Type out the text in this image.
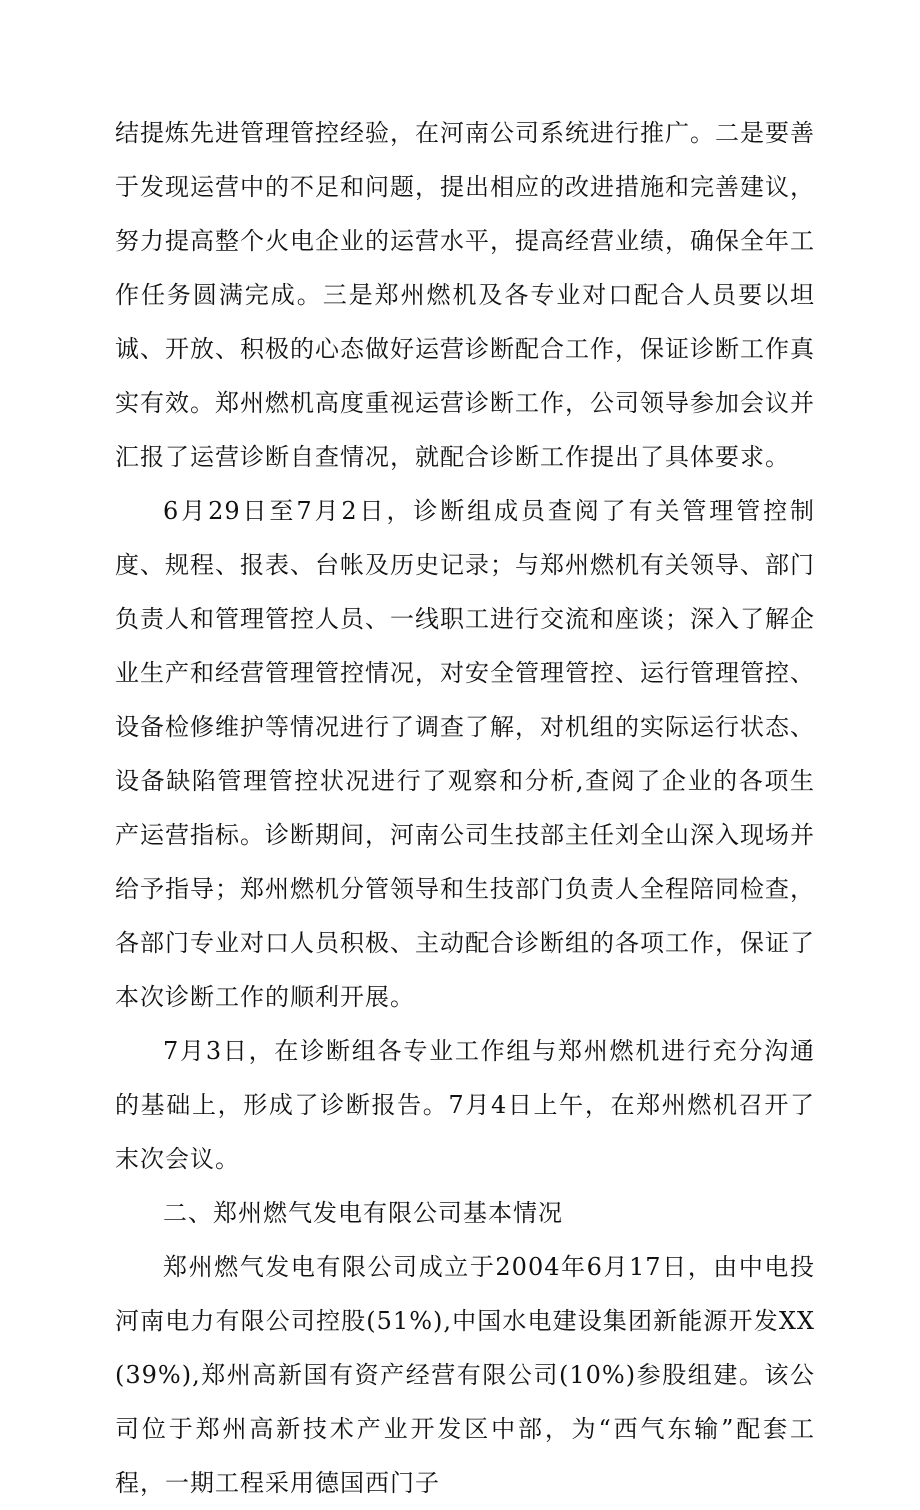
结提炼先进管理管控经验，在河南公司系统进行推广。二是要善于发现运营中的不足和问题，提出相应的改进措施和完善建议，努力提高整个火电企业的运营水平，提高经营业绩，确保全年工作任务圆满完成。三是郑州燃机及各专业对口配合人员要以坦诚、开放、积极的心态做好运营诊断配合工作，保证诊断工作真实有效。郑州燃机高度重视运营诊断工作，公司领导参加会议并汇报了运营诊断自查情况，就配合诊断工作提出了具体要求。

6月29日至7月2日，诊断组成员查阅了有关管理管控制度、规程、报表、台帐及历史记录；与郑州燃机有关领导、部门负责人和管理管控人员、一线职工进行交流和座谈；深入了解企业生产和经营管理管控情况，对安全管理管控、运行管理管控、设备检修维护等情况进行了调查了解，对机组的实际运行状态、设备缺陷管理管控状况进行了观察和分析,查阅了企业的各项生产运营指标。诊断期间，河南公司生技部主任刘全山深入现场并给予指导；郑州燃机分管领导和生技部门负责人全程陪同检查，各部门专业对口人员积极、主动配合诊断组的各项工作，保证了本次诊断工作的顺利开展。

7月3日，在诊断组各专业工作组与郑州燃机进行充分沟通的基础上，形成了诊断报告。7月4日上午，在郑州燃机召开了末次会议。

二、郑州燃气发电有限公司基本情况

郑州燃气发电有限公司成立于2004年6月17日，由中电投河南电力有限公司控股(51%),中国水电建设集团新能源开发XX(39%),郑州高新国有资产经营有限公司(10%)参股组建。该公司位于郑州高新技术产业开发区中部，为“西气东输”配套工程，一期工程采用德国西门子
